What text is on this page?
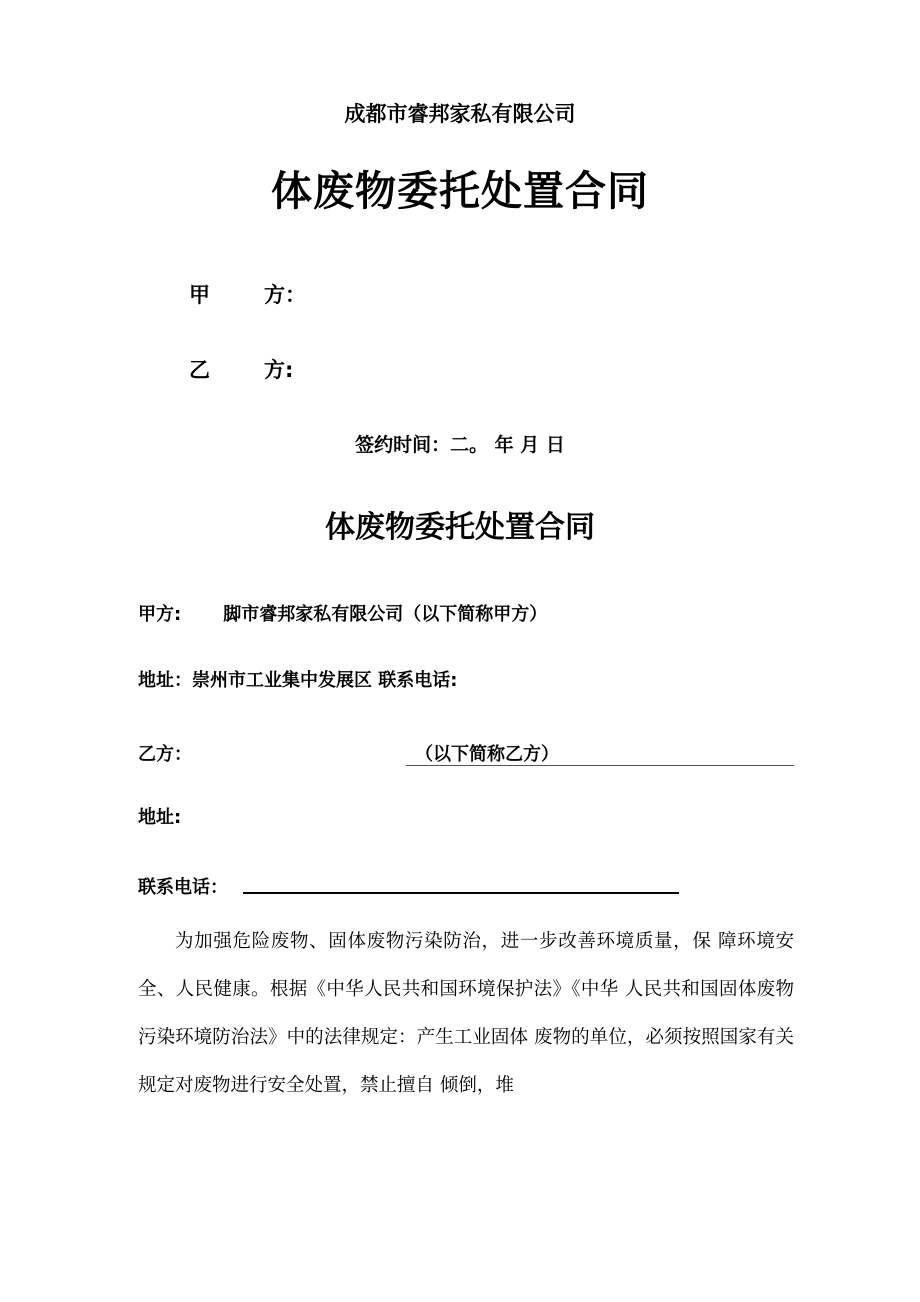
成都市睿邦家私有限公司
体废物委托处置合同
甲	方：
乙	方:
签约时间：二。 年 月 日
体废物委托处置合同
甲方: 脚市睿邦家私有限公司（以下简称甲方）
地址：崇州市工业集中发展区 联系电话:
乙方：	（以下简称乙方）
地址:
联系电话：
为加强危险废物、固体废物污染防治，进一步改善环境质量，保 障环境安全、人民健康。根据《中华人民共和国环境保护法》《中华 人民共和国固体废物污染环境防治法》中的法律规定：产生工业固体 废物的单位，必须按照国家有关规定对废物进行安全处置，禁止擅自 倾倒，堆
